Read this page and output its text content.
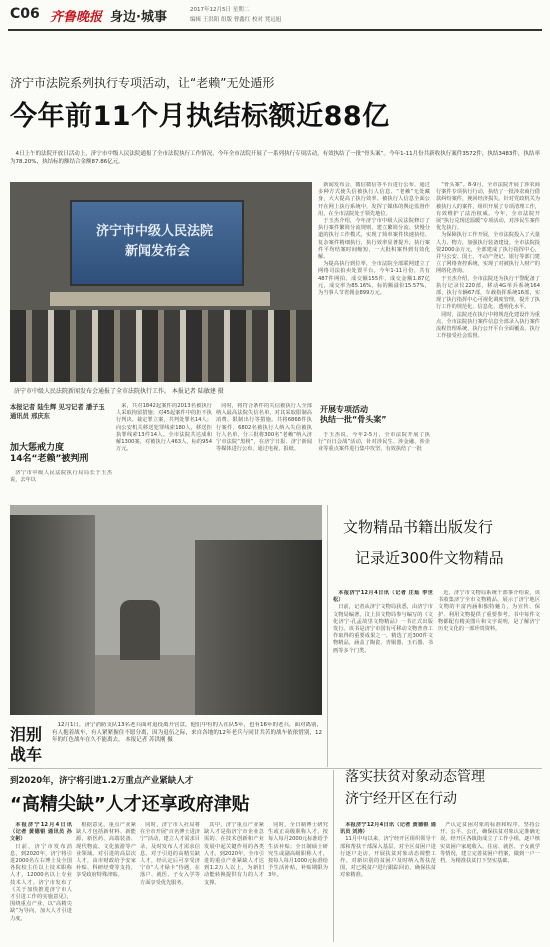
C06 齐鲁晚报 身边·城事	2017年12月5日 星期二
编辑 王洪阳 组版 曹鑫红 校对 凳远旭
济宁市法院系列执行专项活动，让“老赖”无处遁形
今年前11个月执结标额近88亿

4日上午的法院开放日活动上，济宁市中级人民法院通报了全市法院执行工作情况，今年全市法院开展了一系列执行专项活动，有效执结了一批“骨头案”。今年1-11月份共新收执行案件3572件，执结3483件，执结率为78.20%，执结标的额结合金额87.86亿元。

济宁市中级人民法院
新闻发布会
济宁市中级人民法院新闻发布会通报了全市法院执行工作。 本报记者 陆敏建 摄
本报记者 陆生辉 见习记者 潘子玉 通讯员 邢庆东
加大惩戒力度
14名“老赖”被判刑

济宁市中级人民法院执行局局长于玉杰说，去年以

来，共对1842起案件的2013名被执行人采取拘留措施；对45起案件中的拒不执行判决、裁定罪立案，共判处罪名14人；向公安机关移送犯罪线索180人，移送拒执罪线索13件14人。全市法院共达成和解1300案，对被执行人463人，标的954万元。

同时，将符合条件的失信被执行人全部纳入最高法院失信名单，对其采取限制高消费、限制出行等措施。共将6868件执行案件、6802名被执行人纳入失信被执行人名单，分三批将300名“老赖”纳入济宁市法院“黑榜”，在济宁日报、济宁新闻等媒体进行公布，通过电视、报纸、

新闻发布会、微信微信等平台进行公布，通过多种方式使失信被执行人信息、“老赖”无处藏身，大大提高了执行效率。被执行人信息全面公开在网上执行系统中，发挥了媒体的舆论监督作用，在全市法院处于领先地位。

于玉杰介绍，今年济宁市中级人民法院修订了执行案件繁简分流规则，建立繁简分流、快慢分道的执行工作模式，实现了简单案件快速执结、复杂案件精细执行，执行效率显著提升。执行案件平均结案时间缩短，一大批积案得到有效化解。

为提高执行到位率，全市法院全部联网建立了网络司法拍卖处置平台。今年1-11月份，共有487件网拍、成交额155件，成交金额1.87亿元，成交率为85.16%，标的额溢价15.57%，为当事人节省佣金899万元。

开展专项活动
执结一批“骨头案”

于玉杰说，今年2-5月，全市法院开展了执行“百日会战”活动，针对涉民生、涉金融、涉企业等重点案件进行集中攻坚，有效执结了一批

“骨头案”。8-9月，全市法院开展了涉农商行案件专项执行行动，执结了一批涉农商行借款纠纷案件，挽回经济损失。针对党政机关为被执行人的案件，组织开展了专项清理工作，有效维护了法治权威。今年，全市法院开展“执行兑现送温暖”专项活动，对涉民生案件优先执行。

为保障执行工作开展，全市法院投入了大量人力、物力，加强执行装备建设。全市法院投资2000余万元，全部建成了执行指挥中心，并与公安、国土、不动产登记、银行等部门建立了网络查控系统，实现了对被执行人财产的网络化查询。

于玉杰介绍，全市法院还为执行干警配备了执行记录仪220部，移动4G单兵系统164部，执行车辆67部，车载指挥系统16部，实现了执行指挥中心可视化调度管理，提升了执行工作的规范化、信息化、透明化水平。

同时，法院还在执行中将规范化建设作为重点，全市法院执行案件信息全部录入执行案件流程管理系统，执行公开平台全面覆盖，执行工作接受社会监督。

泪别
战车

12月1日，济宁消防支队13名老兵面对退役离开营盘，他们中有的人在队5年，也有16年的老兵，面对离别，有人抱着战车，有人紧紧握住不愿分离，因为退伍之际，来自各地的12年老兵与同甘共苦的战车依依惜别，12年的红色战车在久不能离去。 本报记者 苏洪刚 摄

文物精品书籍出版发行
记录近300件文物精品

本报济宁12月4日讯（记者 庄灿 李世松）

日前，记者从济宁文物局获悉，由济宁市文物局编著，汶上县文物局参与编写的《文化济宁·孔孟故里文物精品》一书正式出版发行。该书是济宁市国有可移动文物普查工作取得的重要成果之一，精选了近300件文物精品，涵盖了陶瓷、青铜器、玉石器、书画等多个门类。

近，济宁市文物局系统干部事介绍说，该书收集济宁全市文物精品，展示了济宁地区文物的丰富内涵和独特魅力，为宣传、保护、利用文物提供了重要参考。书中每件文物都配有精美图片和文字说明，是了解济宁历史文化的一部珍贵资料。

到2020年，济宁将引进1.2万重点产业紧缺人才
“高精尖缺”人才还享政府津贴

本报济宁12月4日讯（记者 黄德银 通讯员 孙文彬）

日前，济宁市发布消息，到2020年，济宁将引进2000名左右博士及全国各院校主任以上技术职称人才，12000名以上专业技术人才。济宁市发布了《关于加快推进济宁市人才引进工作的实施意见》，围绕重点产业，以“高精尖缺”为导向，加大人才引进力度。

根据意见，重点产业紧缺人才包括新材料、新能源、新医药、高端装备、现代物流、文化旅游等产业领域。对引进的高层次人才，由市财政给予安家补贴、科研经费等支持，享受政府特殊津贴。

同时，济宁市人社局将在全市开展“百名博士进济宁”活动，建立人才需求目录，及时发布人才需求信息。对于引进的高精尖缺人才，经认定后可享受济宁市“人才绿卡”待遇，在落户、就医、子女入学等方面享受优先服务。

其中，济宁重点产业紧缺人才是指济宁市企业急需的、在技术创新和产业发展中起关键作用的各类人才。到2020年，全市引进的重点产业紧缺人才达到1.2万人以上，为新旧动能转换提供有力的人才支撑。

同时，全日制博士研究生或正高级职称人才，按每人每月2000元标准给予生活补贴；全日制硕士研究生或副高级职称人才，按每人每月1000元标准给予生活补贴，补贴期限为3年。

落实扶贫对象动态管理
济宁经开区在行动

本报济宁12月4日讯（记者 黄德银 通讯员 刘涛）

11月中旬以来，济宁经开区组织领导干部和帮扶干部深入基层，对全区贫困户进行逐户走访，开展扶贫对象动态调整工作。对新识别的贫困户及时纳入帮扶范围，对已脱贫户进行跟踪回访，确保扶贫对象精准。

严认定贫困对象的标准和程序，坚持公开、公平、公正，确保扶贫对象认定准确无误。经开区各镇街成立了工作小组，逐户核实贫困户家庭收入、住房、就医、子女就学等情况，建立完善贫困户档案，做到一户一档，为精准扶贫打下坚实基础。
